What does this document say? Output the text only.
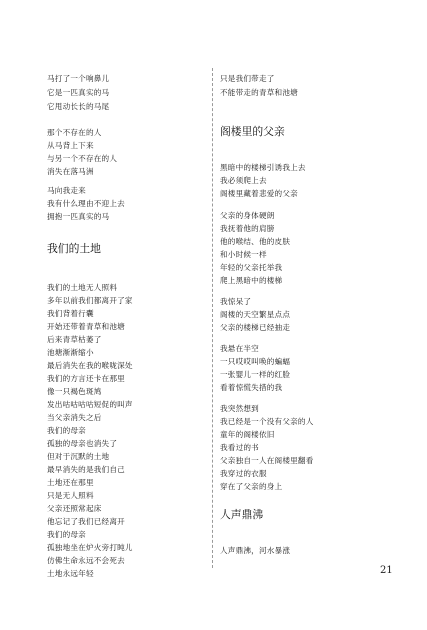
马打了一个响鼻儿
它是一匹真实的马
它甩动长长的马尾
那个不存在的人
从马背上下来
与另一个不存在的人
消失在落马洲
马向我走来
我有什么理由不迎上去
拥抱一匹真实的马
我们的土地
我们的土地无人照料
多年以前我们都离开了家
我们背着行囊
开始还带着青草和池塘
后来青草枯萎了
池塘渐渐缩小
最后消失在我的喉咙深处
我们的方言还卡在那里
像一只褐色斑鸠
发出咕咕咕咕短促的叫声
当父亲消失之后
我们的母亲
孤独的母亲也消失了
但对于沉默的土地
最早消失的是我们自己
土地还在那里
只是无人照料
父亲还照常起床
他忘记了我们已经离开
我们的母亲
孤独地坐在炉火旁打盹儿
仿佛生命永远不会死去
土地永远年轻
只是我们带走了
不能带走的青草和池塘
阁楼里的父亲
黑暗中的楼梯引诱我上去
我必须爬上去
阁楼里藏着悲爱的父亲
父亲的身体硬朗
我抚着他的肩膀
他的喉结、他的皮肤
和小时候一样
年轻的父亲托举我
爬上黑暗中的楼梯
我惊呆了
阁楼的天空繁星点点
父亲的楼梯已经抽走
我悬在半空
一只哎哎叫唤的蝙蝠
一张婴儿一样的红脸
看着惊慌失措的我
我突然想到
我已经是一个没有父亲的人
童年的阁楼依旧
我看过的书
父亲独自一人在阁楼里翻看
我穿过的衣服
穿在了父亲的身上
人声鼎沸
人声鼎沸，河水暴涨
21
